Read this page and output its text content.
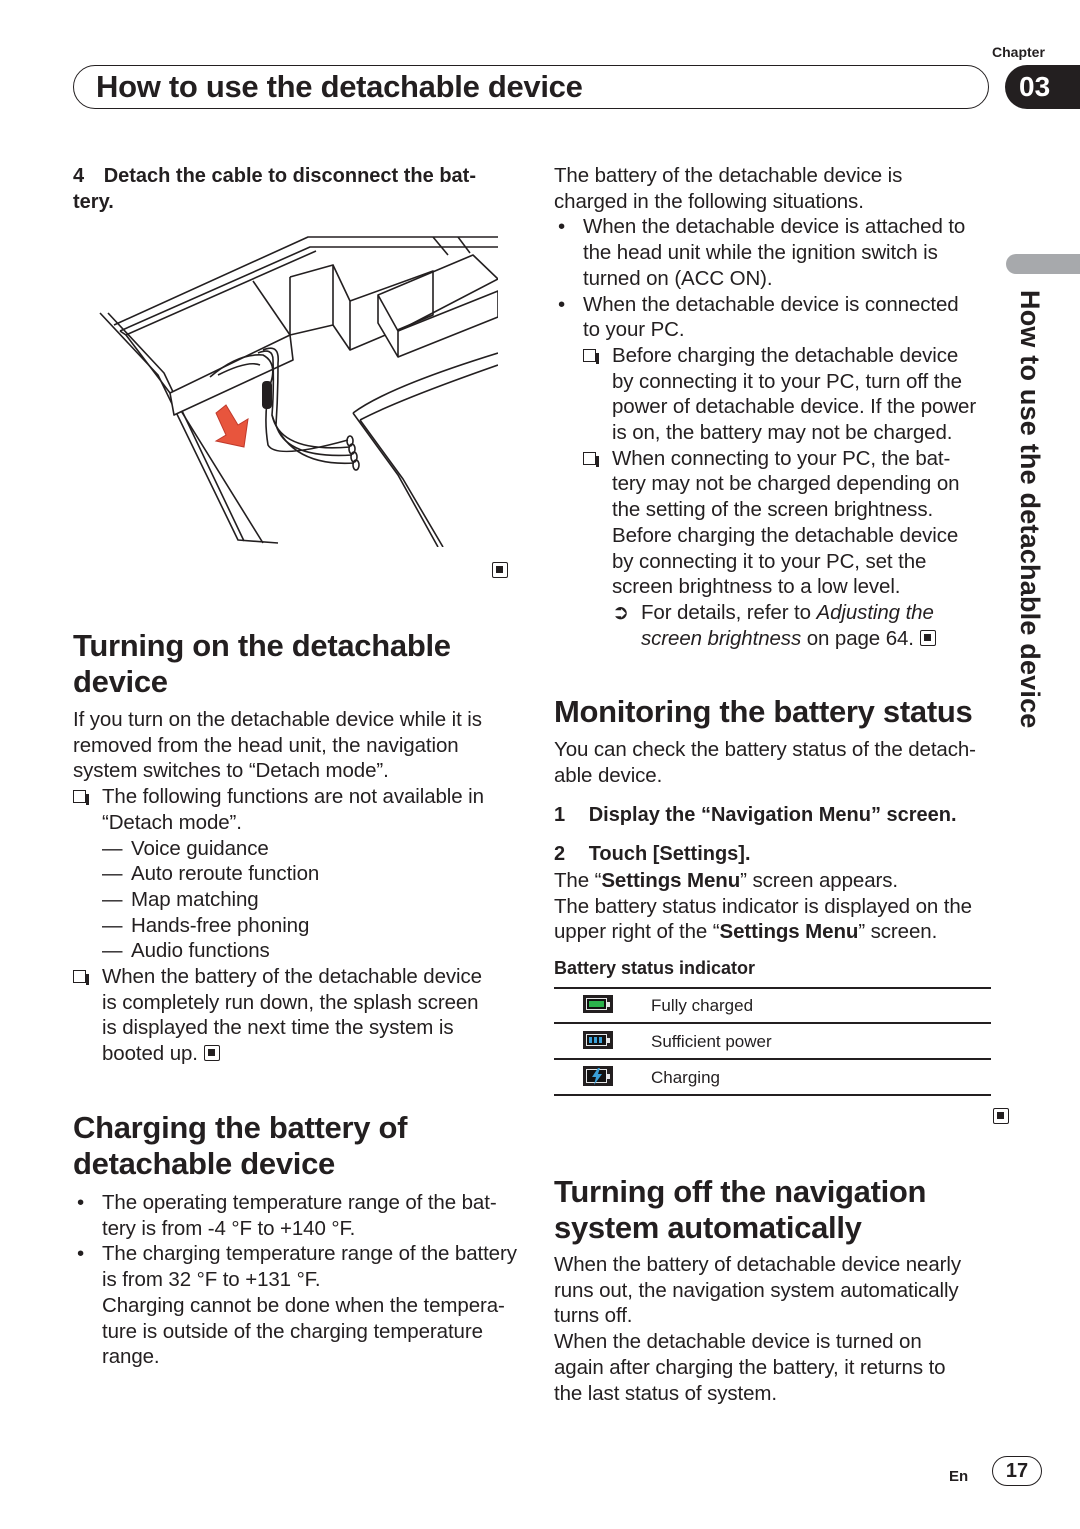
Chapter
How to use the detachable device	03
How to use the detachable device
4 Detach the cable to disconnect the bat-
tery.

Turning on the detachable
device
If you turn on the detachable device while it is
removed from the head unit, the navigation
system switches to “Detach mode”.
The following functions are not available in
“Detach mode”.
— Voice guidance
— Auto reroute function
— Map matching
— Hands-free phoning
— Audio functions
When the battery of the detachable device
is completely run down, the splash screen
is displayed the next time the system is
booted up.
Charging the battery of
detachable device
• The operating temperature range of the bat-
tery is from -4 °F to +140 °F.
• The charging temperature range of the battery
is from 32 °F to +131 °F.
Charging cannot be done when the tempera-
ture is outside of the charging temperature
range.
The battery of the detachable device is
charged in the following situations.
• When the detachable device is attached to
the head unit while the ignition switch is
turned on (ACC ON).
• When the detachable device is connected
to your PC.
Before charging the detachable device
by connecting it to your PC, turn off the
power of detachable device. If the power
is on, the battery may not be charged.
When connecting to your PC, the bat-
tery may not be charged depending on
the setting of the screen brightness.
Before charging the detachable device
by connecting it to your PC, set the
screen brightness to a low level.
➲ For details, refer to Adjusting the
screen brightness on page 64.
Monitoring the battery status
You can check the battery status of the detach-
able device.
1 Display the “Navigation Menu” screen.
2 Touch [Settings].
The “Settings Menu” screen appears.
The battery status indicator is displayed on the
upper right of the “Settings Menu” screen.
Battery status indicator
Fully charged
Sufficient power
Charging
Turning off the navigation
system automatically
When the battery of detachable device nearly
runs out, the navigation system automatically
turns off.
When the detachable device is turned on
again after charging the battery, it returns to
the last status of system.
En	17
